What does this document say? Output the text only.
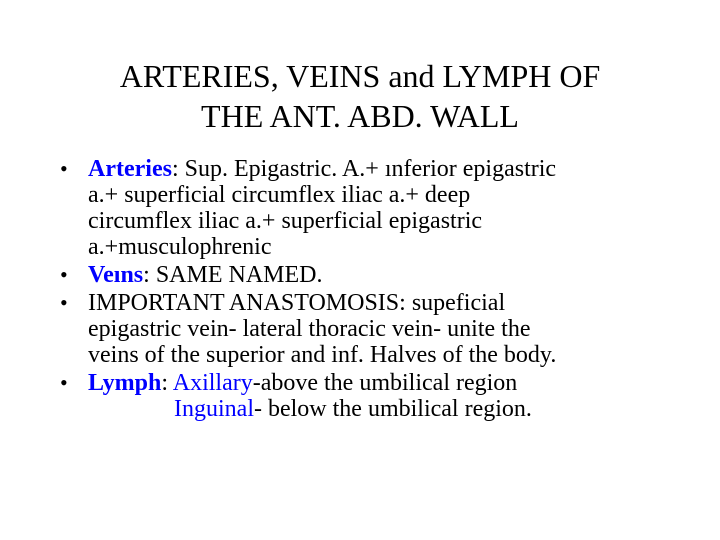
ARTERIES, VEINS and LYMPH OF
THE ANT. ABD. WALL
• Arteries: Sup. Epigastric. A.+ ınferior epigastric
a.+ superficial circumflex iliac a.+ deep
circumflex iliac a.+ superficial epigastric
a.+musculophrenic
• Veıns: SAME NAMED.
• IMPORTANT ANASTOMOSIS: supeficial
epigastric vein- lateral thoracic vein- unite the
veins of the superior and inf. Halves of the body.
• Lymph: Axillary-above the umbilical region
Inguinal- below the umbilical region.
